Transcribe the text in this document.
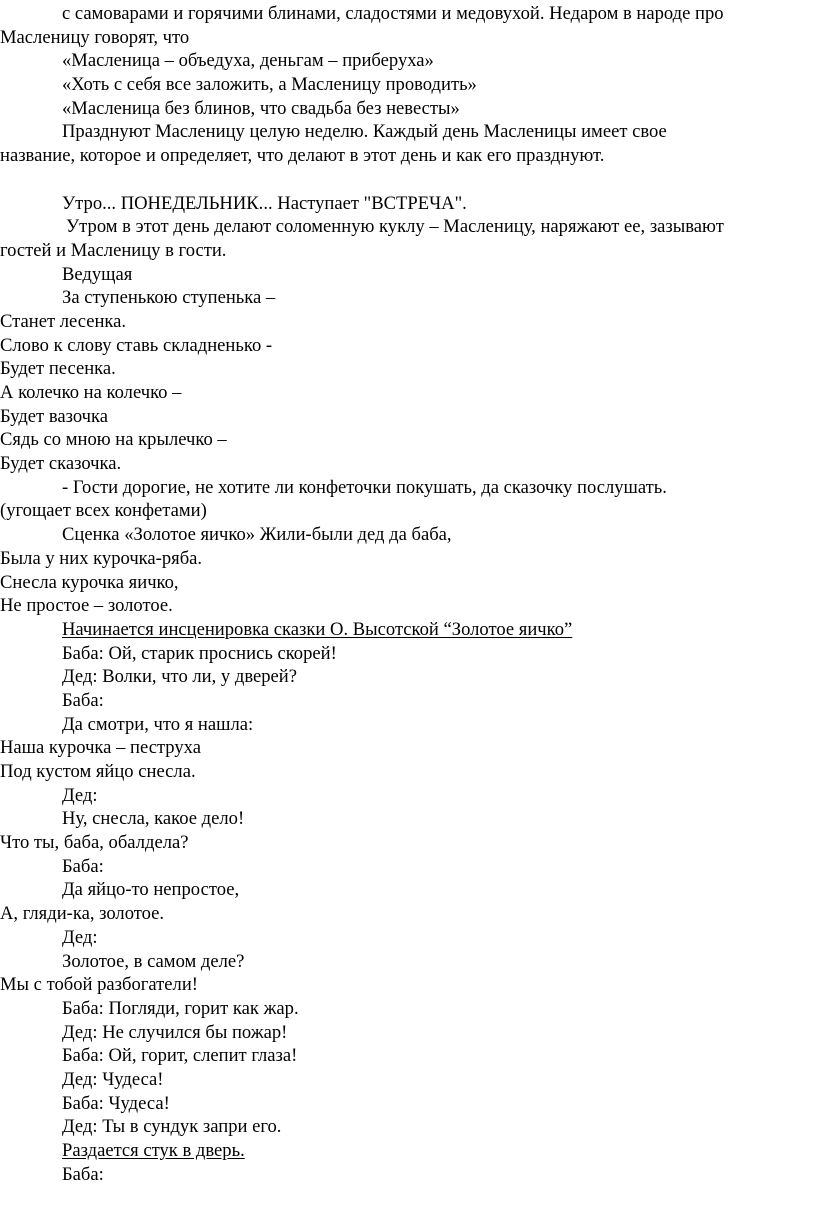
с самоварами и горячими блинами, сладостями и медовухой. Недаром в народе про
Масленицу говорят, что
«Масленица – объедуха, деньгам – приберуха»
«Хоть с себя все заложить, а Масленицу проводить»
«Масленица без блинов, что свадьба без невесты»
Празднуют Масленицу целую неделю. Каждый день Масленицы имеет свое
название, которое и определяет, что делают в этот день и как его празднуют.
Утро... ПОНЕДЕЛЬНИК... Наступает "ВСТРЕЧА".
Утром в этот день делают соломенную куклу – Масленицу, наряжают ее, зазывают
гостей и Масленицу в гости.
Ведущая
За ступенькою ступенька –
Станет лесенка.
Слово к слову ставь складненько -
Будет песенка.
А колечко на колечко –
Будет вазочка
Сядь со мною на крылечко –
Будет сказочка.
- Гости дорогие, не хотите ли конфеточки покушать, да сказочку послушать.
(угощает всех конфетами)
Сценка «Золотое яичко» Жили-были дед да баба,
Была у них курочка-ряба.
Снесла курочка яичко,
Не простое – золотое.
Начинается инсценировка сказки О. Высотской “Золотое яичко”
Баба: Ой, старик проснись скорей!
Дед: Волки, что ли, у дверей?
Баба:
Да смотри, что я нашла:
Наша курочка – пеструха
Под кустом яйцо снесла.
Дед:
Ну, снесла, какое дело!
Что ты, баба, обалдела?
Баба:
Да яйцо-то непростое,
А, гляди-ка, золотое.
Дед:
Золотое, в самом деле?
Мы с тобой разбогатели!
Баба: Погляди, горит как жар.
Дед: Не случился бы пожар!
Баба: Ой, горит, слепит глаза!
Дед: Чудеса!
Баба: Чудеса!
Дед: Ты в сундук запри его.
Раздается стук в дверь.
Баба:
